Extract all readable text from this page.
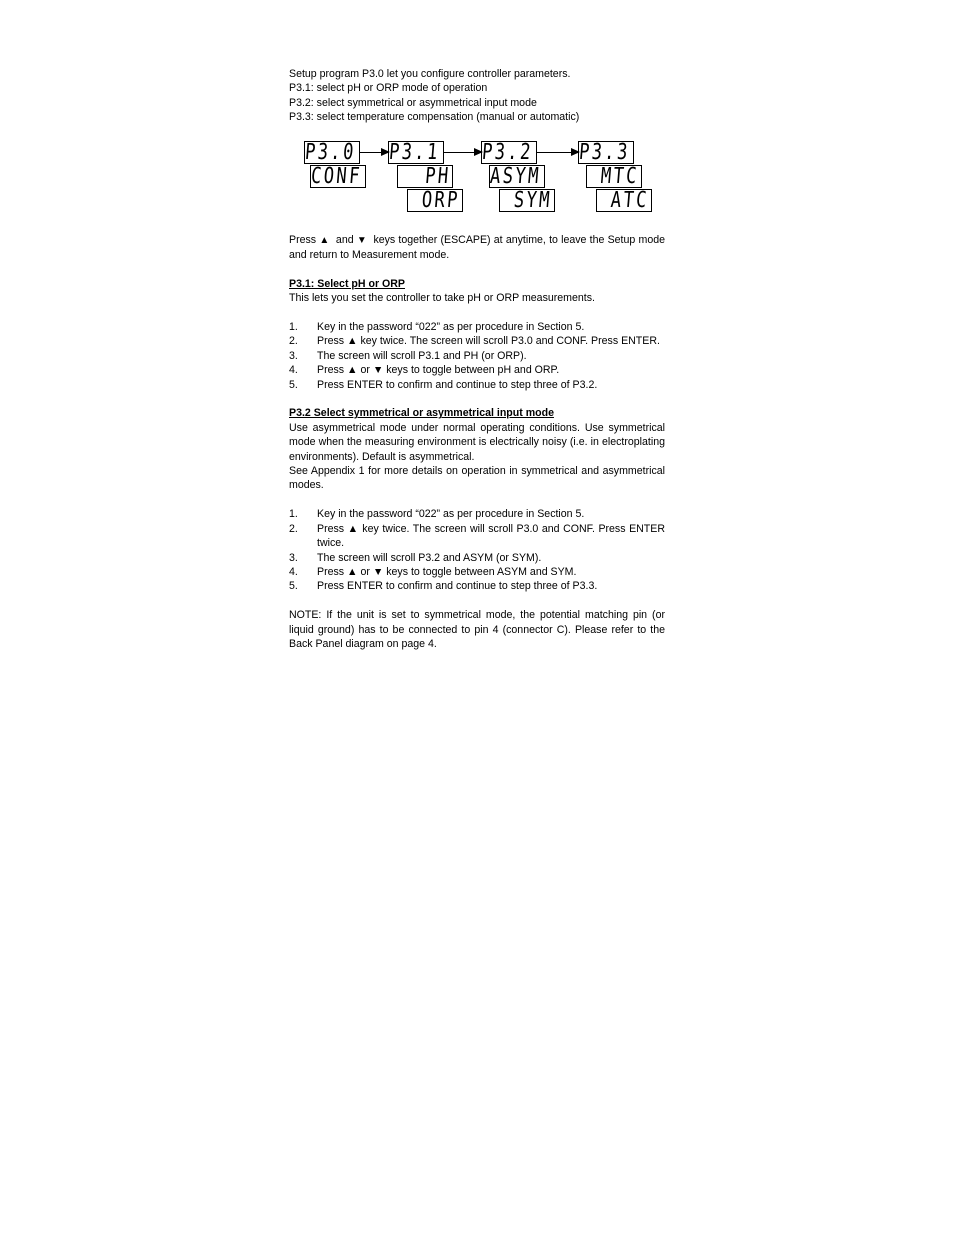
Setup program P3.0 let you configure controller parameters.

P3.1: select pH or ORP mode of operation

P3.2: select symmetrical or asymmetrical input mode

P3.3: select temperature compensation (manual or automatic)

P3.0
CONF
P3.1
PH
ORP
P3.2
ASYM
SYM
P3.3
MTC
ATC

Press ▲ and ▼ keys together (ESCAPE) at anytime, to leave the Setup mode and return to Measurement mode.

P3.1: Select pH or ORP

This lets you set the controller to take pH or ORP measurements.

1.	Key in the password “022” as per procedure in Section 5.
2.	Press ▲ key twice. The screen will scroll P3.0 and CONF. Press ENTER.
3.	The screen will scroll P3.1 and PH (or ORP).
4.	Press ▲ or ▼ keys to toggle between pH and ORP.
5.	Press ENTER to confirm and continue to step three of P3.2.

P3.2 Select symmetrical or asymmetrical input mode

Use asymmetrical mode under normal operating conditions. Use symmetrical mode when the measuring environment is electrically noisy (i.e. in electroplating environments). Default is asymmetrical.

See Appendix 1 for more details on operation in symmetrical and asymmetrical modes.

1.	Key in the password “022” as per procedure in Section 5.
2.	Press ▲ key twice. The screen will scroll P3.0 and CONF. Press ENTER twice.
3.	The screen will scroll P3.2 and ASYM (or SYM).
4.	Press ▲ or ▼ keys to toggle between ASYM and SYM.
5.	Press ENTER to confirm and continue to step three of P3.3.

NOTE: If the unit is set to symmetrical mode, the potential matching pin (or liquid ground) has to be connected to pin 4 (connector C). Please refer to the Back Panel diagram on page 4.
